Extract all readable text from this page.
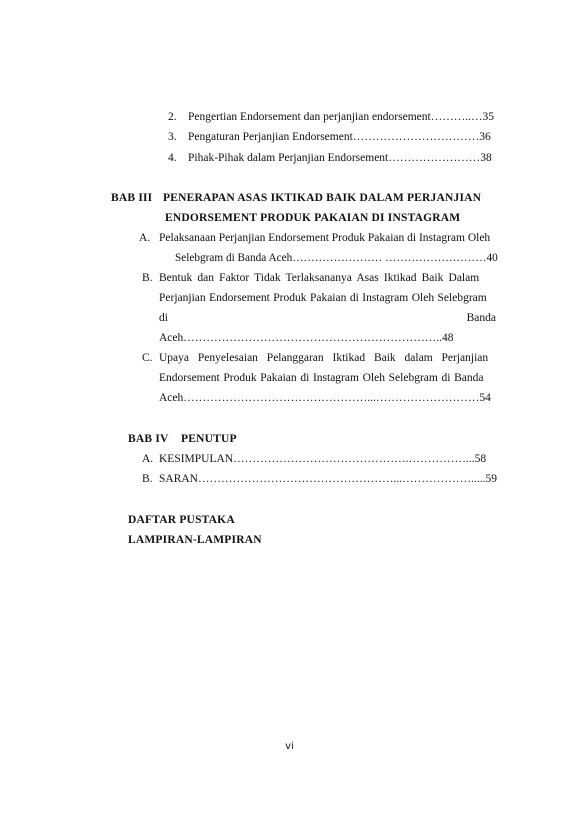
2. Pengertian Endorsement dan perjanjian endorsement………..…35
3. Pengaturan Perjanjian Endorsement……………………………36
4. Pihak-Pihak dalam Perjanjian Endorsement……………………38
BAB III PENERAPAN ASAS IKTIKAD BAIK DALAM PERJANJIAN
ENDORSEMENT PRODUK PAKAIAN DI INSTAGRAM
A. Pelaksanaan Perjanjian Endorsement Produk Pakaian di Instagram Oleh
Selebgram di Banda Aceh…………………… ………………………40
B. Bentuk dan Faktor Tidak Terlaksananya Asas Iktikad Baik Dalam
Perjanjian Endorsement Produk Pakaian di Instagram Oleh Selebgram
di	Banda
Aceh…………………………………………………………..48
C. Upaya Penyelesaian Pelanggaran Iktikad Baik dalam Perjanjian
Endorsement Produk Pakaian di Instagram Oleh Selebgram di Banda
Aceh…………………………………………...………………………54
BAB IV PENUTUP
A. KESIMPULAN……………………………………….……………...58
B. SARAN……………………………………………...……………….....59
DAFTAR PUSTAKA
LAMPIRAN-LAMPIRAN
vi
